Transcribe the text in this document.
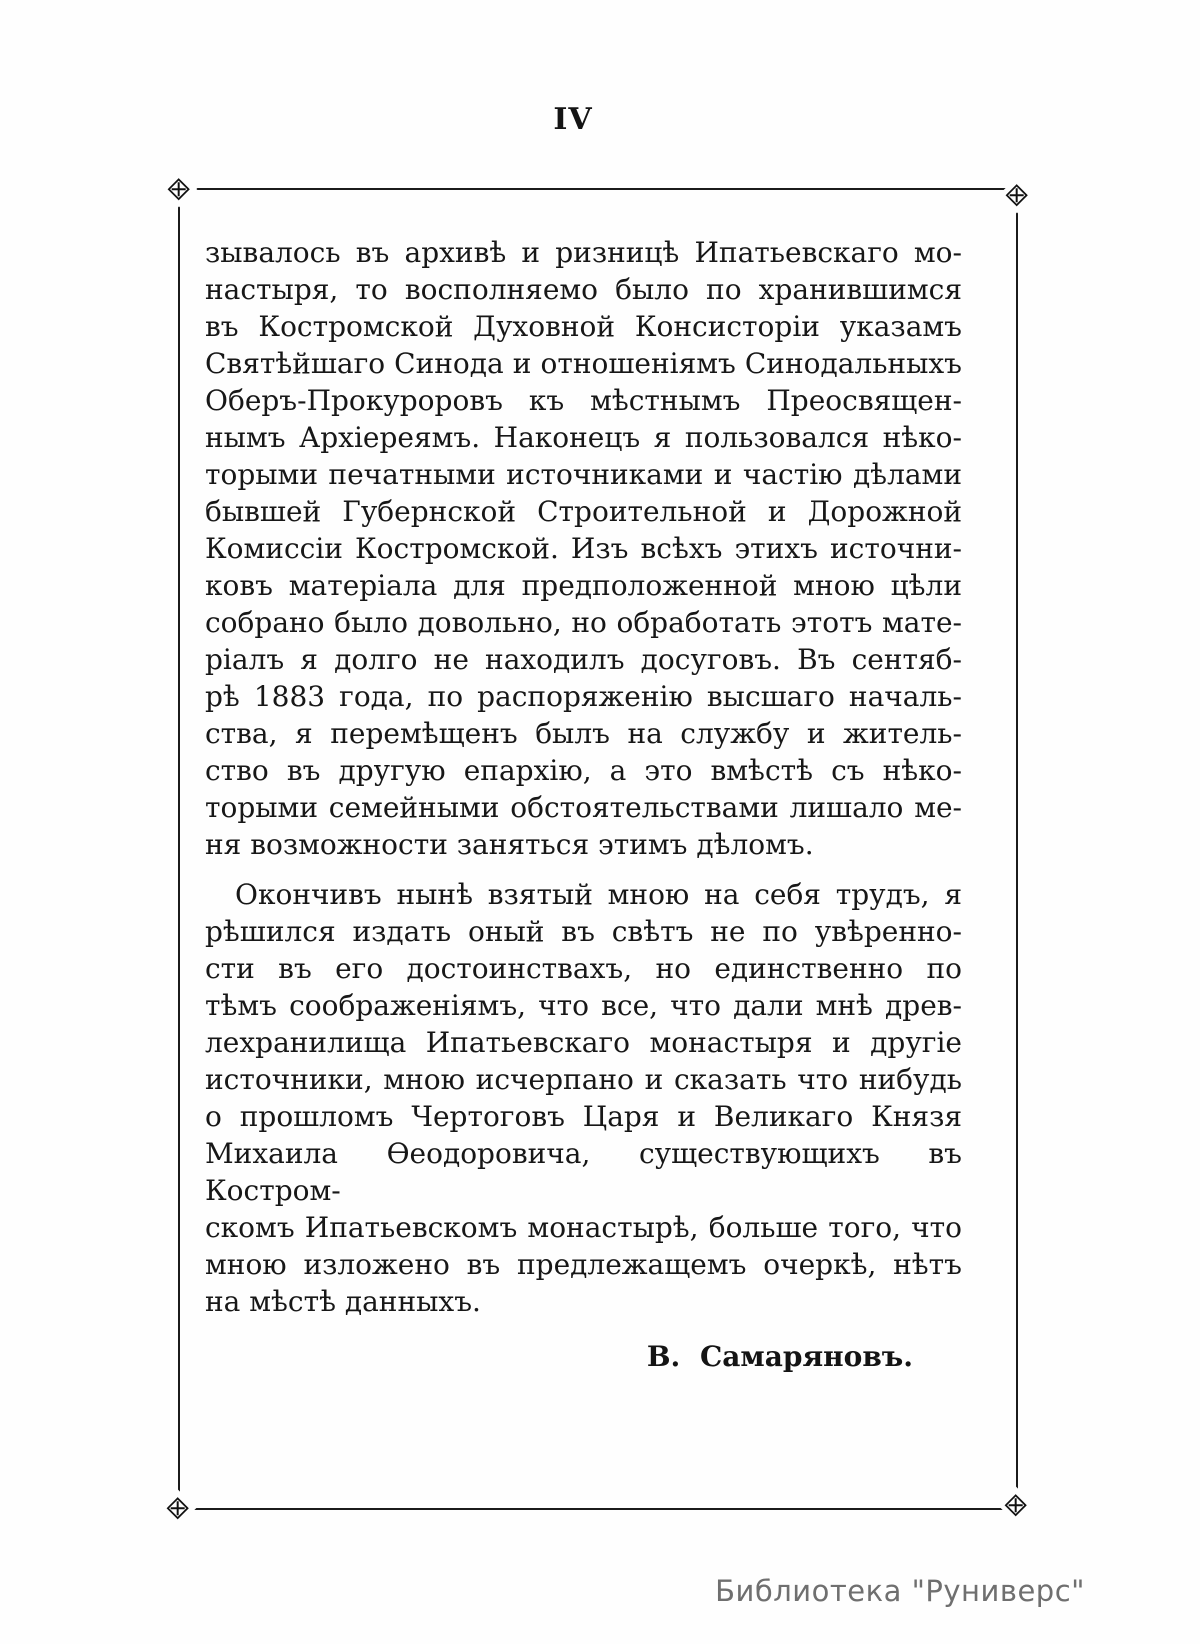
IV
⊠	⊠
⊠	⊠
зывалось въ архивѣ и ризницѣ Ипатьевскаго мо-
настыря, то восполняемо было по хранившимся
въ Костромской Духовной Консисторіи указамъ
Святѣйшаго Синода и отношеніямъ Синодальныхъ
Оберъ-Прокуроровъ къ мѣстнымъ Преосвящен-
нымъ Архіереямъ. Наконецъ я пользовался нѣко-
торыми печатными источниками и частію дѣлами
бывшей Губернской Строительной и Дорожной
Комиссіи Костромской. Изъ всѣхъ этихъ источни-
ковъ матеріала для предположенной мною цѣли
собрано было довольно, но обработать этотъ мате-
ріалъ я долго не находилъ досуговъ. Въ сентяб-
рѣ 1883 года, по распоряженію высшаго началь-
ства, я перемѣщенъ былъ на службу и житель-
ство въ другую епархію, а это вмѣстѣ съ нѣко-
торыми семейными обстоятельствами лишало ме-
ня возможности заняться этимъ дѣломъ.
Окончивъ нынѣ взятый мною на себя трудъ, я
рѣшился издать оный въ свѣтъ не по увѣренно-
сти въ его достоинствахъ, но единственно по
тѣмъ соображеніямъ, что все, что дали мнѣ древ-
лехранилища Ипатьевскаго монастыря и другіе
источники, мною исчерпано и сказать что нибудь
о прошломъ Чертоговъ Царя и Великаго Князя
Михаила Ѳеодоровича, существующихъ въ Костром-
скомъ Ипатьевскомъ монастырѣ, больше того, что
мною изложено въ предлежащемъ очеркѣ, нѣтъ
на мѣстѣ данныхъ.
В. Самаряновъ.
Библиотека "Руниверс"
